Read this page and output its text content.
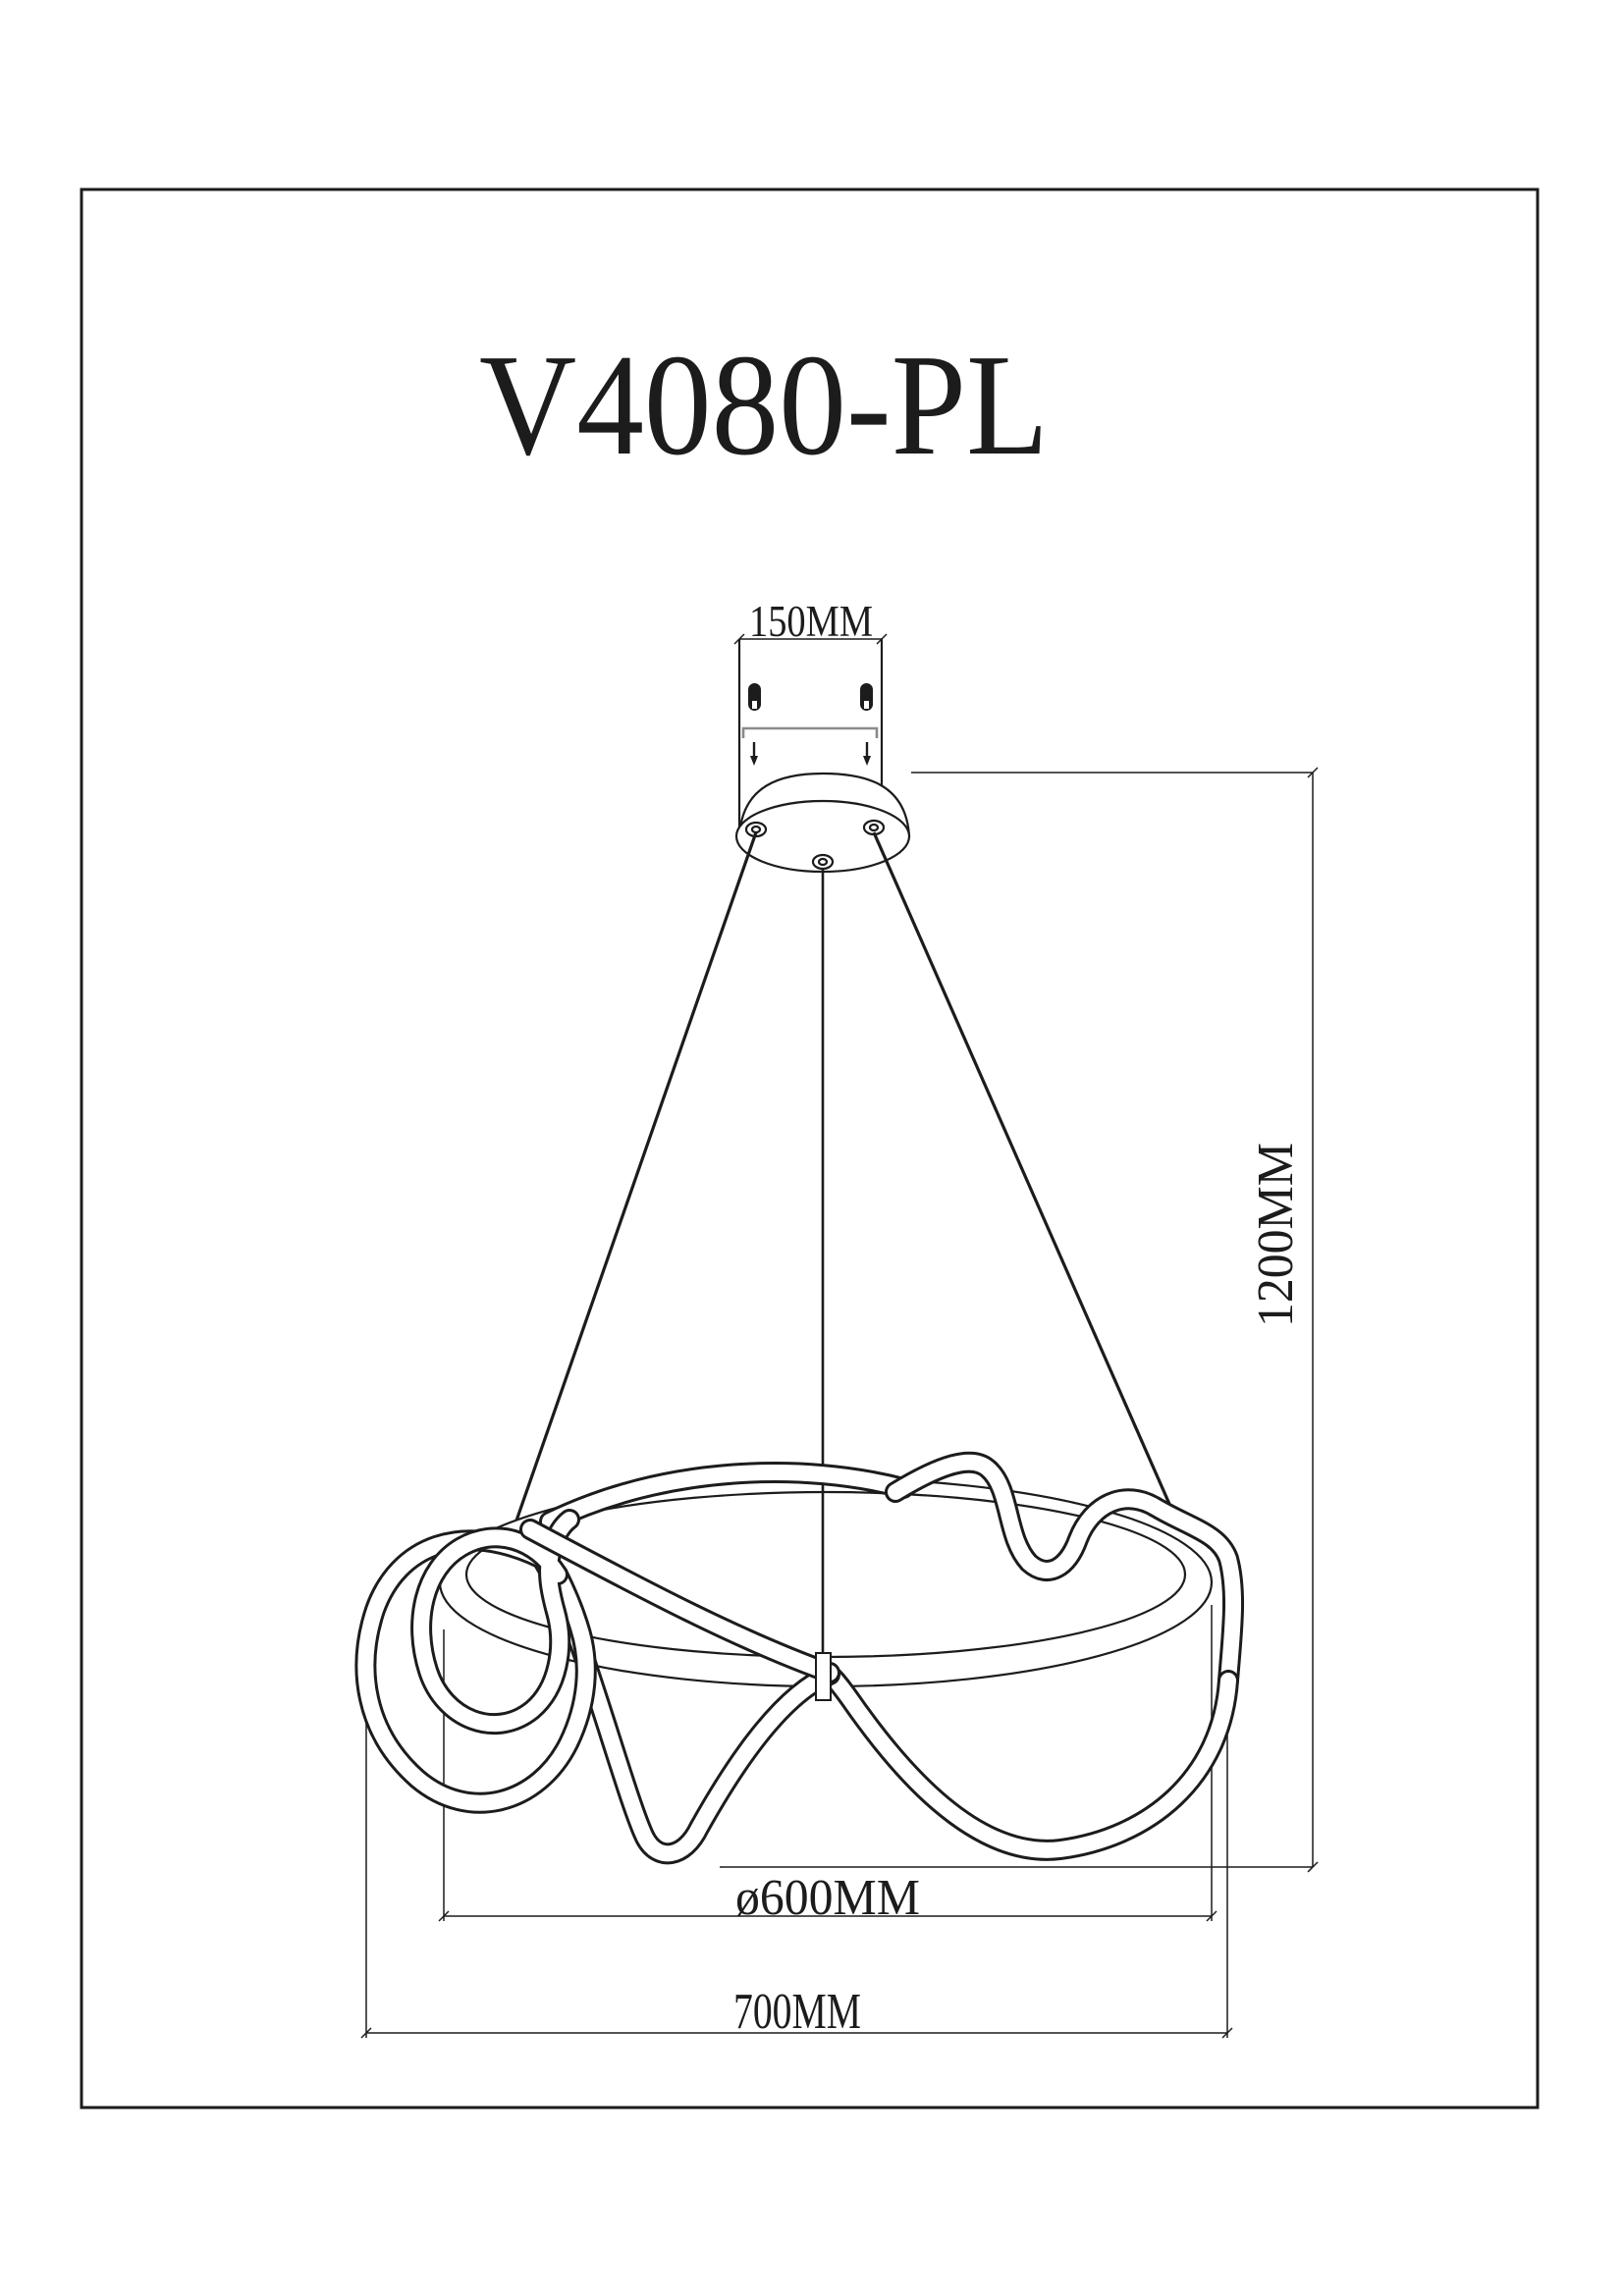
V4080-PL
150MM
ø600MM
700MM
1200MM
